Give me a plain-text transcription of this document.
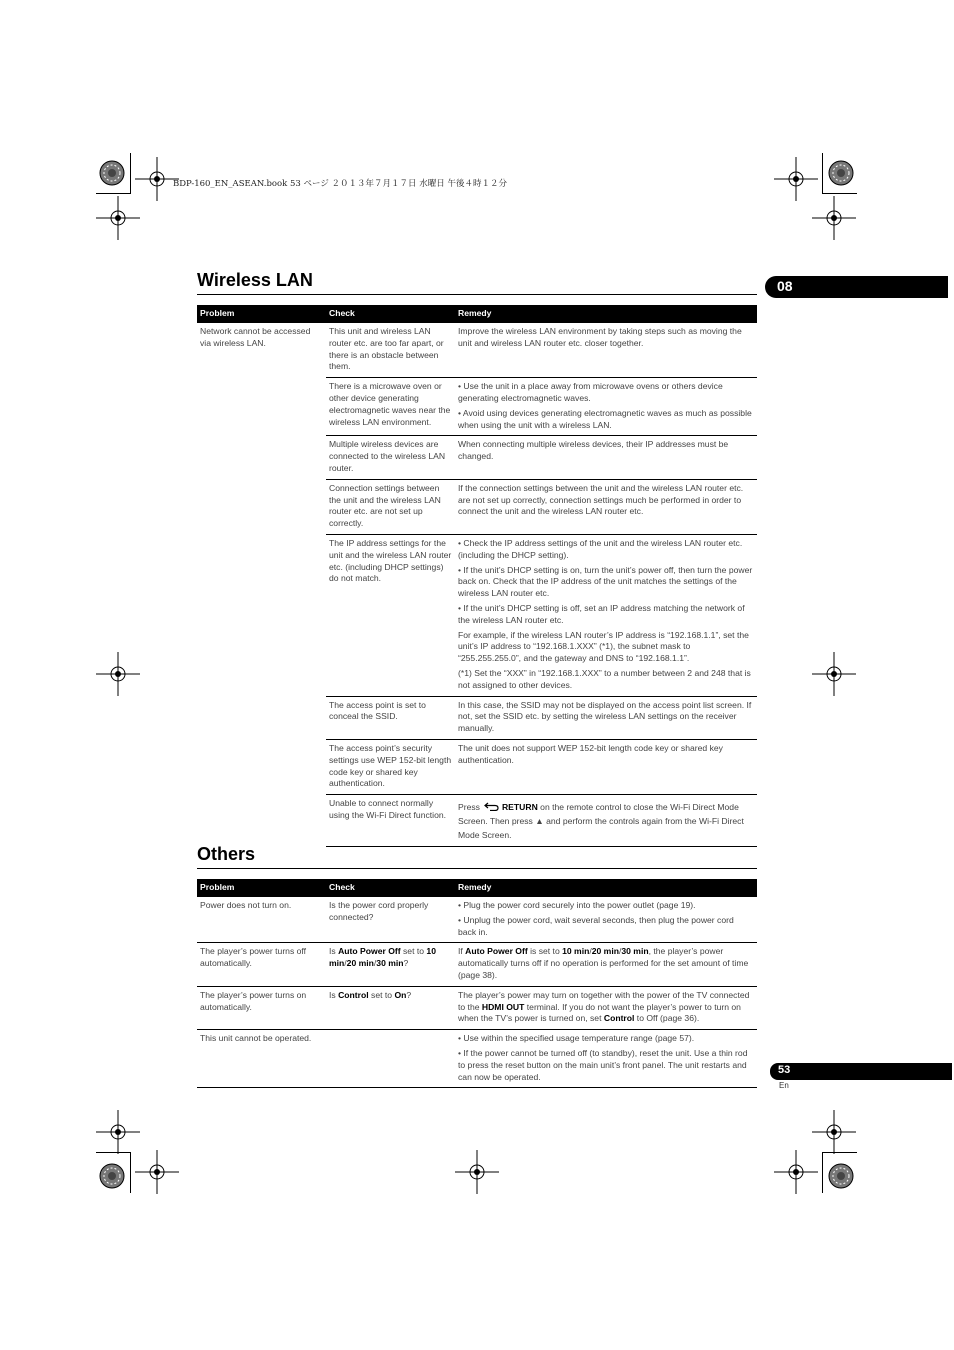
BDP-160_EN_ASEAN.book 53 ページ ２０１３年７月１７日 水曜日 午後４時１２分
08
Wireless LAN
Problem	Check	Remedy
Network cannot be accessed via wireless LAN.	This unit and wireless LAN router etc. are too far apart, or there is an obstacle between them.	Improve the wireless LAN environment by taking steps such as moving the unit and wireless LAN router etc. closer together.

	There is a microwave oven or other device generating electromagnetic waves near the wireless LAN environment.	• Use the unit in a place away from microwave ovens or others device generating electromagnetic waves.

• Avoid using devices generating electromagnetic waves as much as possible when using the unit with a wireless LAN.

	Multiple wireless devices are connected to the wireless LAN router.	When connecting multiple wireless devices, their IP addresses must be changed.

	Connection settings between the unit and the wireless LAN router etc. are not set up correctly.	If the connection settings between the unit and the wireless LAN router etc. are not set up correctly, connection settings much be performed in order to connect the unit and the wireless LAN router etc.

	The IP address settings for the unit and the wireless LAN router etc. (including DHCP settings) do not match.	• Check the IP address settings of the unit and the wireless LAN router etc. (including the DHCP setting).

• If the unit’s DHCP setting is on, turn the unit’s power off, then turn the power back on. Check that the IP address of the unit matches the settings of the wireless LAN router etc.

• If the unit’s DHCP setting is off, set an IP address matching the network of the wireless LAN router etc.

For example, if the wireless LAN router’s IP address is “192.168.1.1”, set the unit’s IP address to “192.168.1.XXX” (*1), the subnet mask to “255.255.255.0”, and the gateway and DNS to “192.168.1.1”.

(*1) Set the “XXX” in “192.168.1.XXX” to a number between 2 and 248 that is not assigned to other devices.

	The access point is set to conceal the SSID.	In this case, the SSID may not be displayed on the access point list screen. If not, set the SSID etc. by setting the wireless LAN settings on the receiver manually.

	The access point’s security settings use WEP 152-bit length code key or shared key authentication.	The unit does not support WEP 152-bit length code key or shared key authentication.

	Unable to connect normally using the Wi-Fi Direct function.	Press RETURN on the remote control to close the Wi-Fi Direct Mode Screen. Then press ▲ and perform the controls again from the Wi-Fi Direct Mode Screen.
Others
Problem	Check	Remedy
Power does not turn on.	Is the power cord properly connected?	• Plug the power cord securely into the power outlet (page 19).

• Unplug the power cord, wait several seconds, then plug the power cord back in.

The player’s power turns off automatically.	Is Auto Power Off set to 10 min/20 min/30 min?	If Auto Power Off is set to 10 min/20 min/30 min, the player’s power automatically turns off if no operation is performed for the set amount of time (page 38).
The player’s power turns on automatically.	Is Control set to On?	The player’s power may turn on together with the power of the TV connected to the HDMI OUT terminal. If you do not want the player’s power to turn on when the TV’s power is turned on, set Control to Off (page 36).
This unit cannot be operated.		• Use within the specified usage temperature range (page 57).

• If the power cannot be turned off (to standby), reset the unit. Use a thin rod to press the reset button on the main unit’s front panel. The unit restarts and can now be operated.

53
En
